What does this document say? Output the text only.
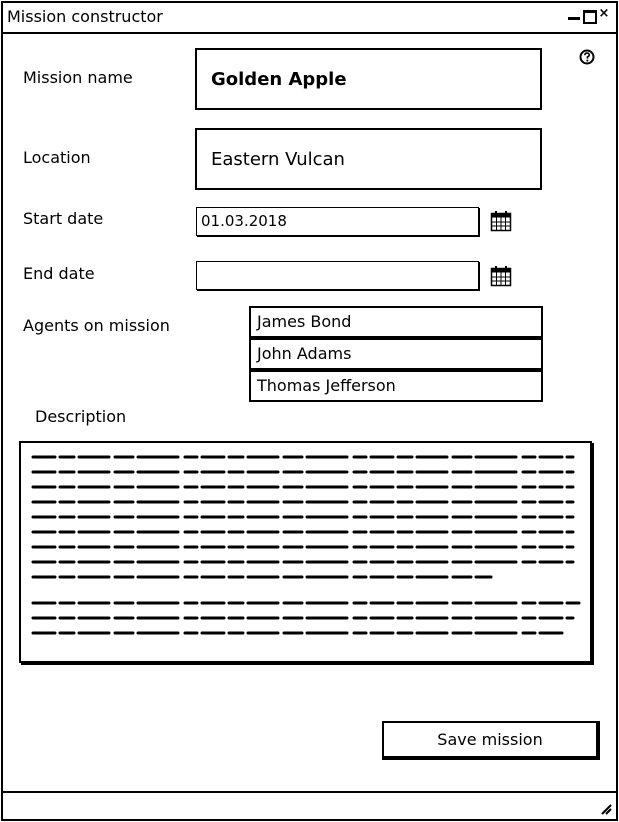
Mission constructor	×
Mission name	Golden Apple
Location	Eastern Vulcan
Start date	01.03.2018
End date
Agents on mission	James Bond
John Adams
Thomas Jefferson
Description
Save mission
